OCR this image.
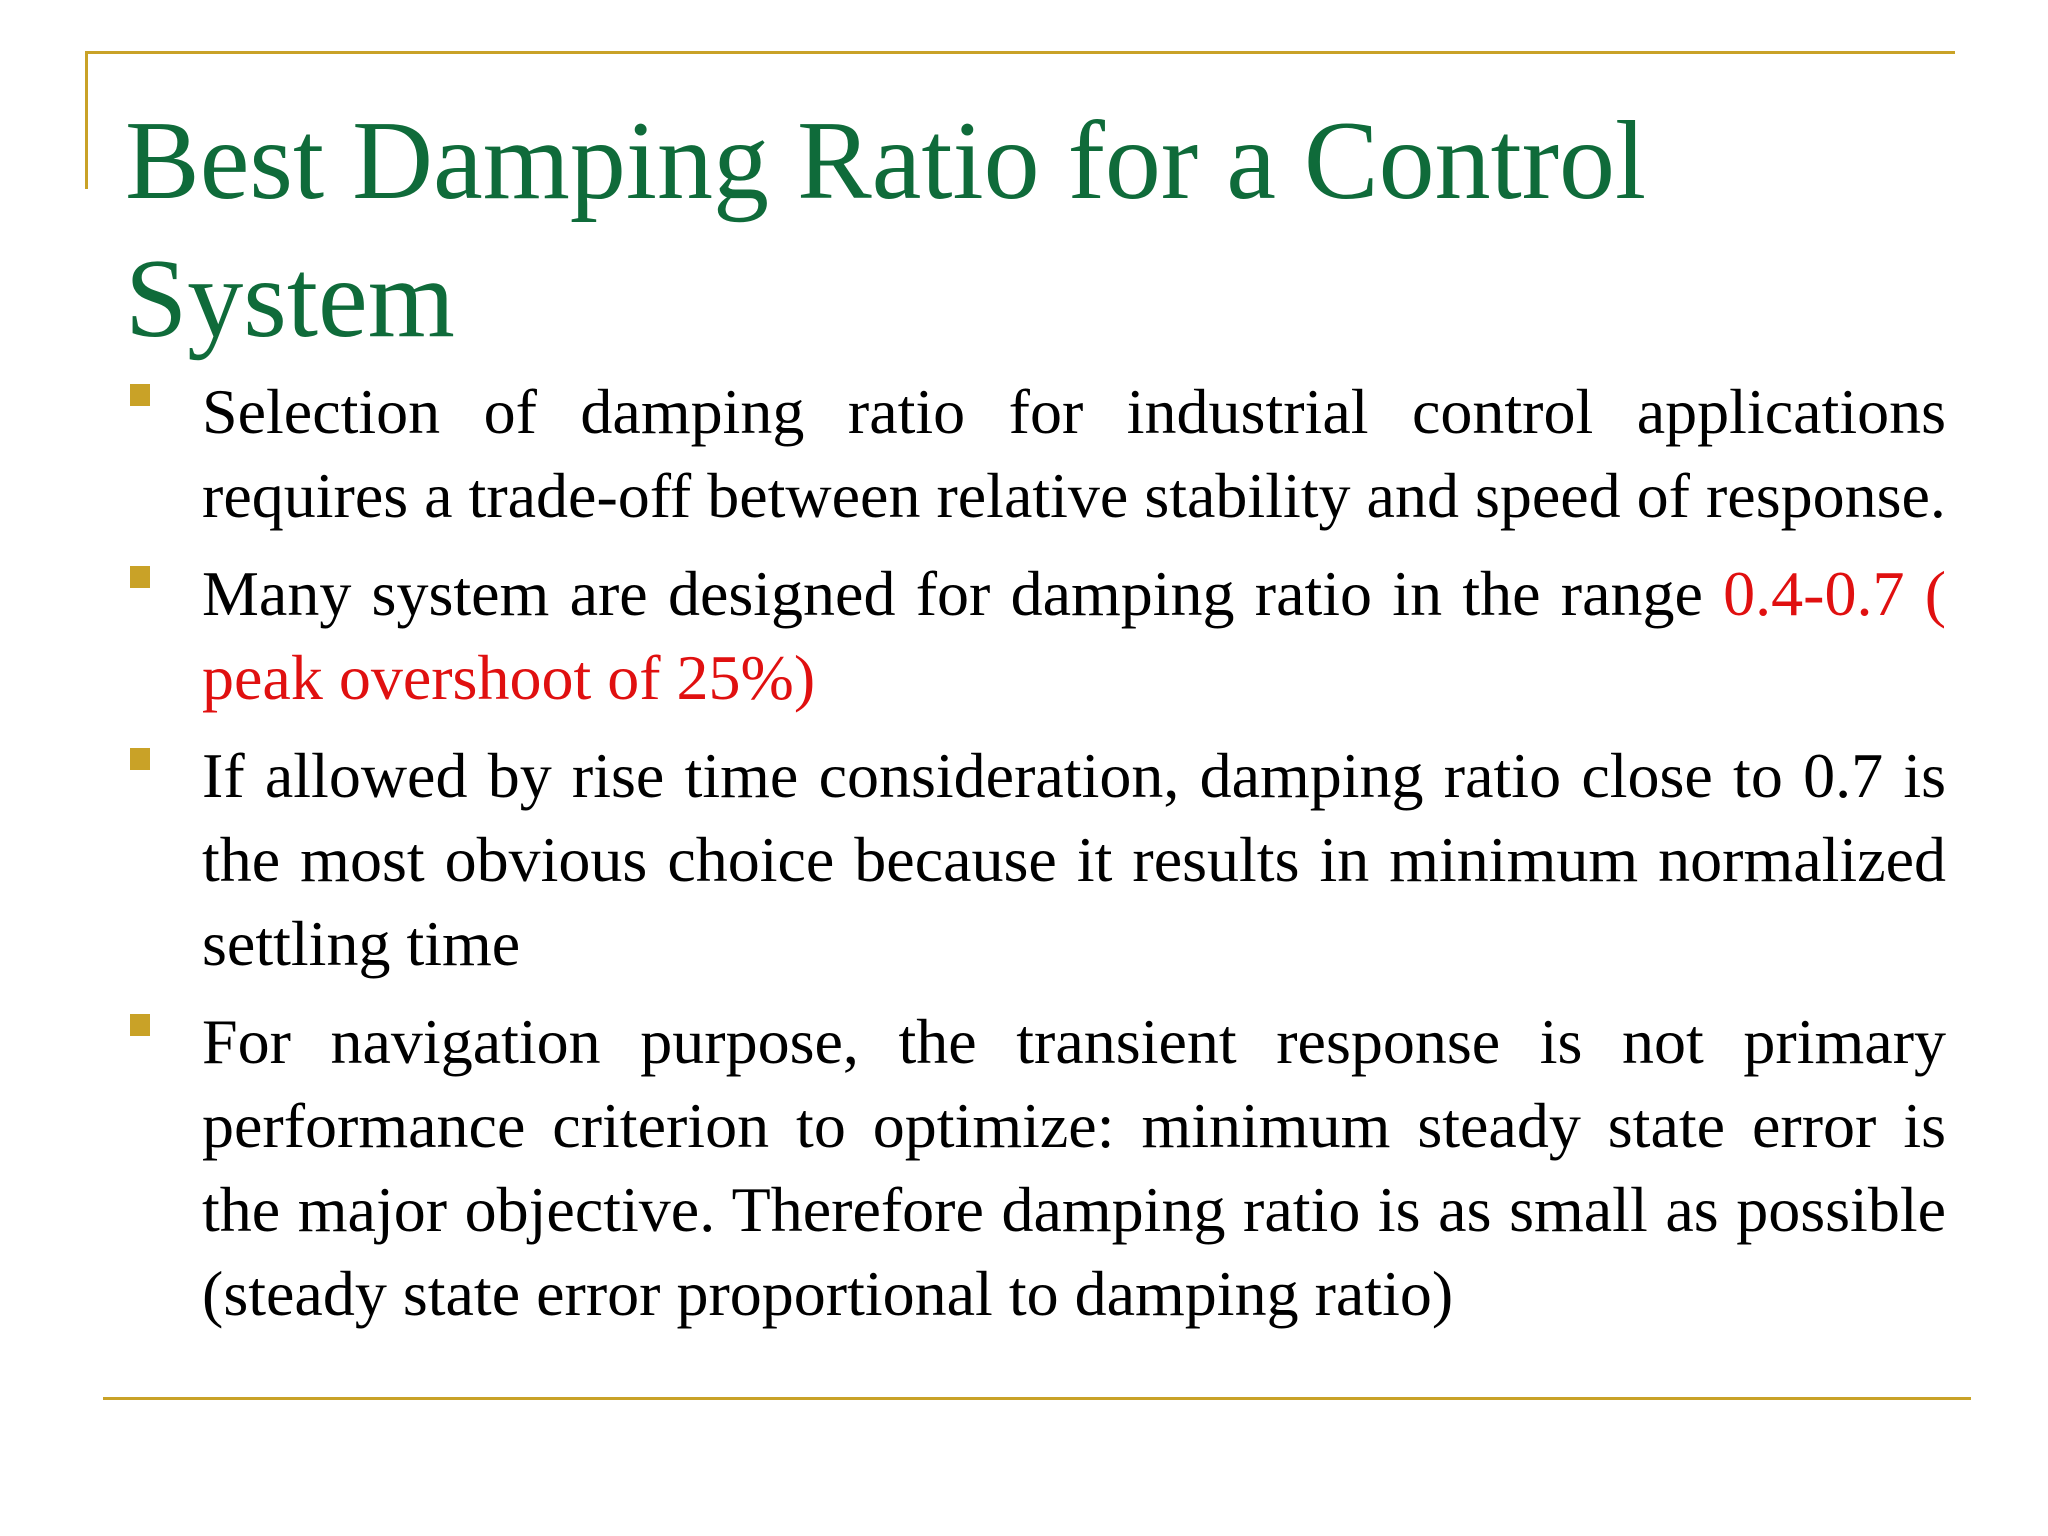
Best Damping Ratio for a Control System
Selection of damping ratio for industrial control applications requires a trade-off between relative stability and speed of response.
Many system are designed for damping ratio in the range 0.4-0.7 ( peak overshoot of 25%)
If allowed by rise time consideration, damping ratio close to 0.7 is the most obvious choice because it results in minimum normalized settling time
For navigation purpose, the transient response is not primary performance criterion to optimize: minimum steady state error is the major objective. Therefore damping ratio is as small as possible (steady state error proportional to damping ratio)
